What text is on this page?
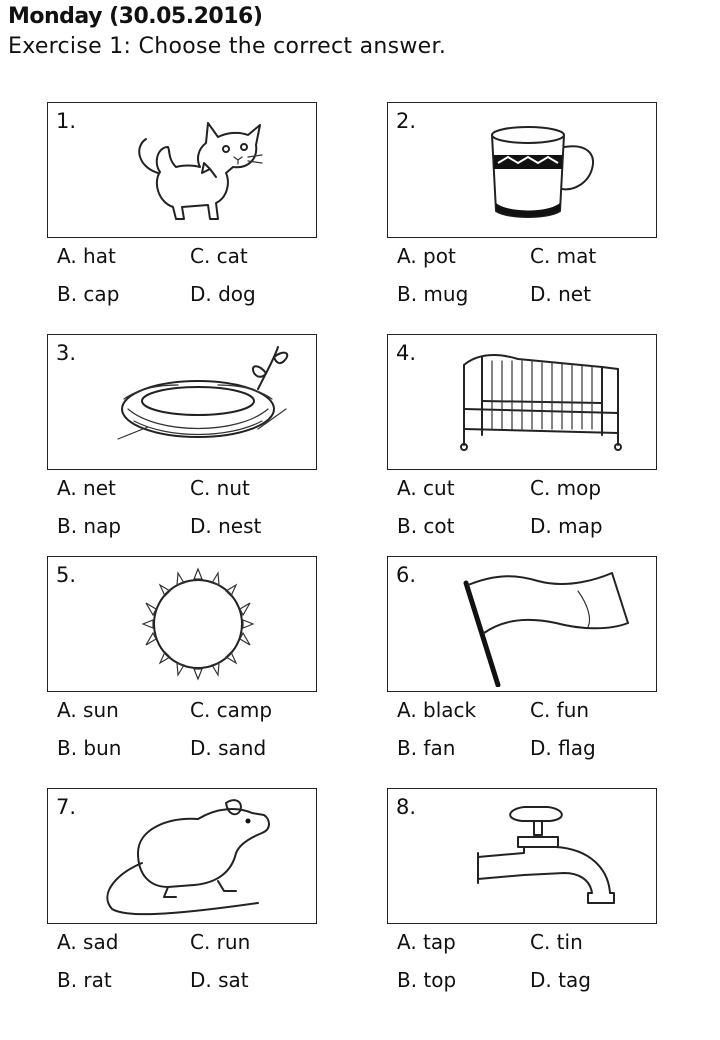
Monday (30.05.2016)
Exercise 1: Choose the correct answer.
1.
A. hat	C. cat
B. cap	D. dog
2.
A. pot	C. mat
B. mug	D. net
3.
A. net	C. nut
B. nap	D. nest
4.
A. cut	C. mop
B. cot	D. map
5.
A. sun	C. camp
B. bun	D. sand
6.
A. black	C. fun
B. fan	D. flag
7.
A. sad	C. run
B. rat	D. sat
8.
A. tap	C. tin
B. top	D. tag
